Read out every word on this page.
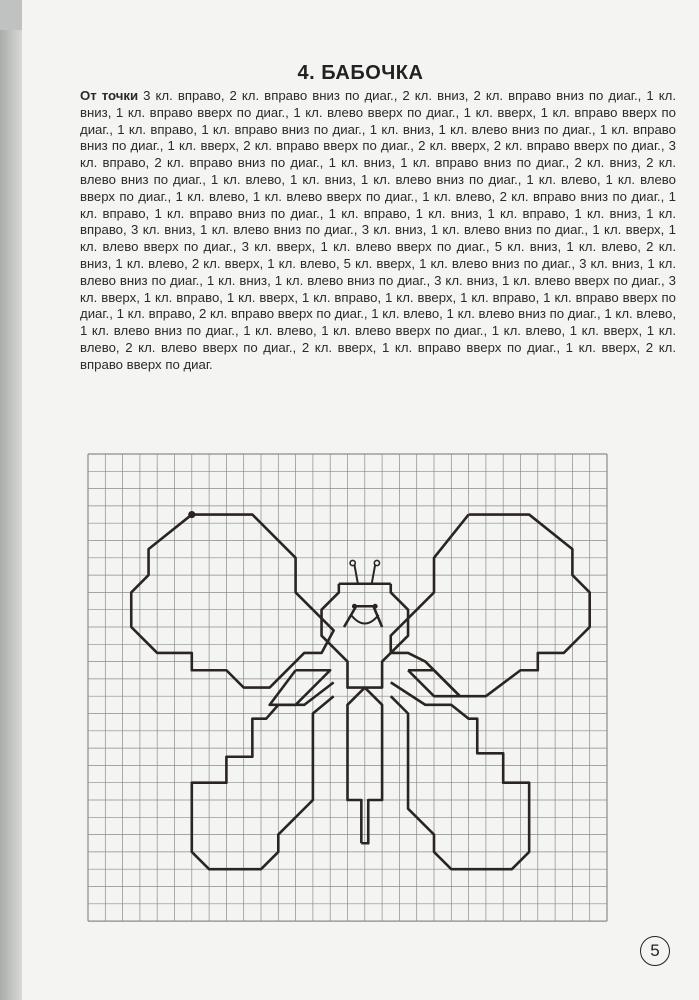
4. БАБОЧКА
От точки 3 кл. вправо, 2 кл. вправо вниз по диаг., 2 кл. вниз, 2 кл. вправо вниз по диаг., 1 кл. вниз, 1 кл. вправо вверх по диаг., 1 кл. влево вверх по диаг., 1 кл. вверх, 1 кл. вправо вверх по диаг., 1 кл. вправо, 1 кл. вправо вниз по диаг., 1 кл. вниз, 1 кл. влево вниз по диаг., 1 кл. вправо вниз по диаг., 1 кл. вверх, 2 кл. вправо вверх по диаг., 2 кл. вверх, 2 кл. вправо вверх по диаг., 3 кл. вправо, 2 кл. вправо вниз по диаг., 1 кл. вниз, 1 кл. вправо вниз по диаг., 2 кл. вниз, 2 кл. влево вниз по диаг., 1 кл. влево, 1 кл. вниз, 1 кл. влево вниз по диаг., 1 кл. влево, 1 кл. влево вверх по диаг., 1 кл. влево, 1 кл. влево вверх по диаг., 1 кл. влево, 2 кл. вправо вниз по диаг., 1 кл. вправо, 1 кл. вправо вниз по диаг., 1 кл. вправо, 1 кл. вниз, 1 кл. вправо, 1 кл. вниз, 1 кл. вправо, 3 кл. вниз, 1 кл. влево вниз по диаг., 3 кл. вниз, 1 кл. влево вниз по диаг., 1 кл. вверх, 1 кл. влево вверх по диаг., 3 кл. вверх, 1 кл. влево вверх по диаг., 5 кл. вниз, 1 кл. влево, 2 кл. вниз, 1 кл. влево, 2 кл. вверх, 1 кл. влево, 5 кл. вверх, 1 кл. влево вниз по диаг., 3 кл. вниз, 1 кл. влево вниз по диаг., 1 кл. вниз, 1 кл. влево вниз по диаг., 3 кл. вниз, 1 кл. влево вверх по диаг., 3 кл. вверх, 1 кл. вправо, 1 кл. вверх, 1 кл. вправо, 1 кл. вверх, 1 кл. вправо, 1 кл. вправо вверх по диаг., 1 кл. вправо, 2 кл. вправо вверх по диаг., 1 кл. влево, 1 кл. влево вниз по диаг., 1 кл. влево, 1 кл. влево вниз по диаг., 1 кл. влево, 1 кл. влево вверх по диаг., 1 кл. влево, 1 кл. вверх, 1 кл. влево, 2 кл. влево вверх по диаг., 2 кл. вверх, 1 кл. вправо вверх по диаг., 1 кл. вверх, 2 кл. вправо вверх по диаг.
5
